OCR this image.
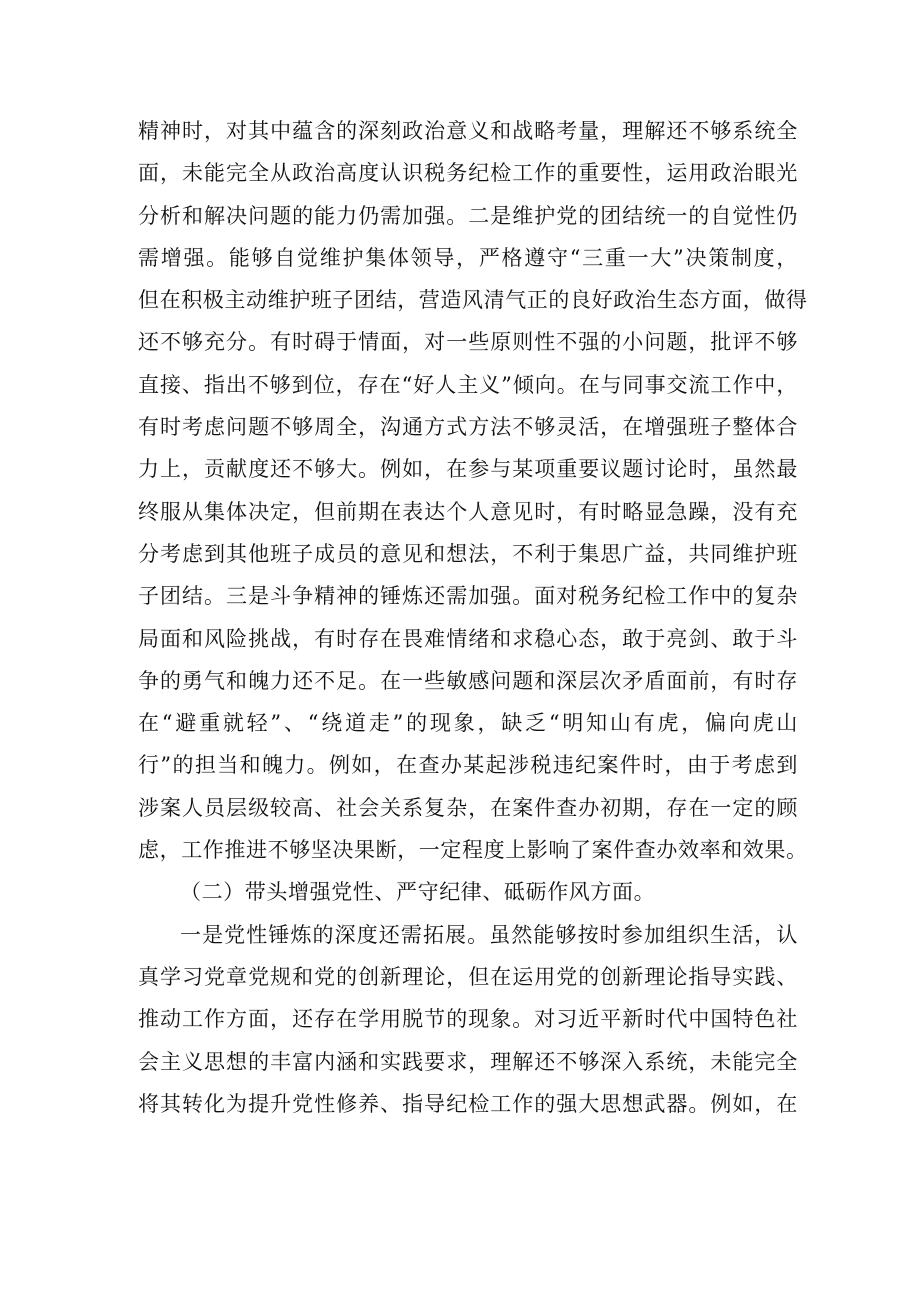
精神时，对其中蕴含的深刻政治意义和战略考量，理解还不够系统全
面，未能完全从政治高度认识税务纪检工作的重要性，运用政治眼光
分析和解决问题的能力仍需加强。二是维护党的团结统一的自觉性仍
需增强。能够自觉维护集体领导，严格遵守“三重一大”决策制度，
但在积极主动维护班子团结，营造风清气正的良好政治生态方面，做得
还不够充分。有时碍于情面，对一些原则性不强的小问题，批评不够
直接、指出不够到位，存在“好人主义”倾向。在与同事交流工作中，
有时考虑问题不够周全，沟通方式方法不够灵活，在增强班子整体合
力上，贡献度还不够大。例如，在参与某项重要议题讨论时，虽然最
终服从集体决定，但前期在表达个人意见时，有时略显急躁，没有充
分考虑到其他班子成员的意见和想法，不利于集思广益，共同维护班
子团结。三是斗争精神的锤炼还需加强。面对税务纪检工作中的复杂
局面和风险挑战，有时存在畏难情绪和求稳心态，敢于亮剑、敢于斗
争的勇气和魄力还不足。在一些敏感问题和深层次矛盾面前，有时存
在“避重就轻”、“绕道走”的现象，缺乏“明知山有虎，偏向虎山
行”的担当和魄力。例如，在查办某起涉税违纪案件时，由于考虑到
涉案人员层级较高、社会关系复杂，在案件查办初期，存在一定的顾
虑，工作推进不够坚决果断，一定程度上影响了案件查办效率和效果。
（二）带头增强党性、严守纪律、砥砺作风方面。
一是党性锤炼的深度还需拓展。虽然能够按时参加组织生活，认
真学习党章党规和党的创新理论，但在运用党的创新理论指导实践、
推动工作方面，还存在学用脱节的现象。对习近平新时代中国特色社
会主义思想的丰富内涵和实践要求，理解还不够深入系统，未能完全
将其转化为提升党性修养、指导纪检工作的强大思想武器。例如，在
